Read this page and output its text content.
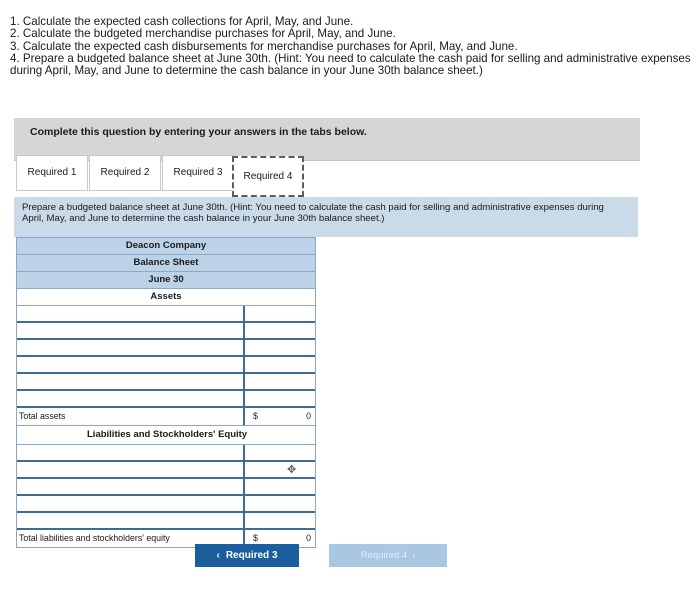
1. Calculate the expected cash collections for April, May, and June.
2. Calculate the budgeted merchandise purchases for April, May, and June.
3. Calculate the expected cash disbursements for merchandise purchases for April, May, and June.
4. Prepare a budgeted balance sheet at June 30th. (Hint: You need to calculate the cash paid for selling and administrative expenses
during April, May, and June to determine the cash balance in your June 30th balance sheet.)
Complete this question by entering your answers in the tabs below.
Required 1	Required 2	Required 3	Required 4
Prepare a budgeted balance sheet at June 30th. (Hint: You need to calculate the cash paid for selling and administrative expenses during April, May, and June to determine the cash balance in your June 30th balance sheet.)
Deacon Company
Balance Sheet
June 30
Assets
Total assets	$	0
Liabilities and Stockholders' Equity
✥
Total liabilities and stockholders' equity	$	0
‹ Required 3	Required 4 ›
